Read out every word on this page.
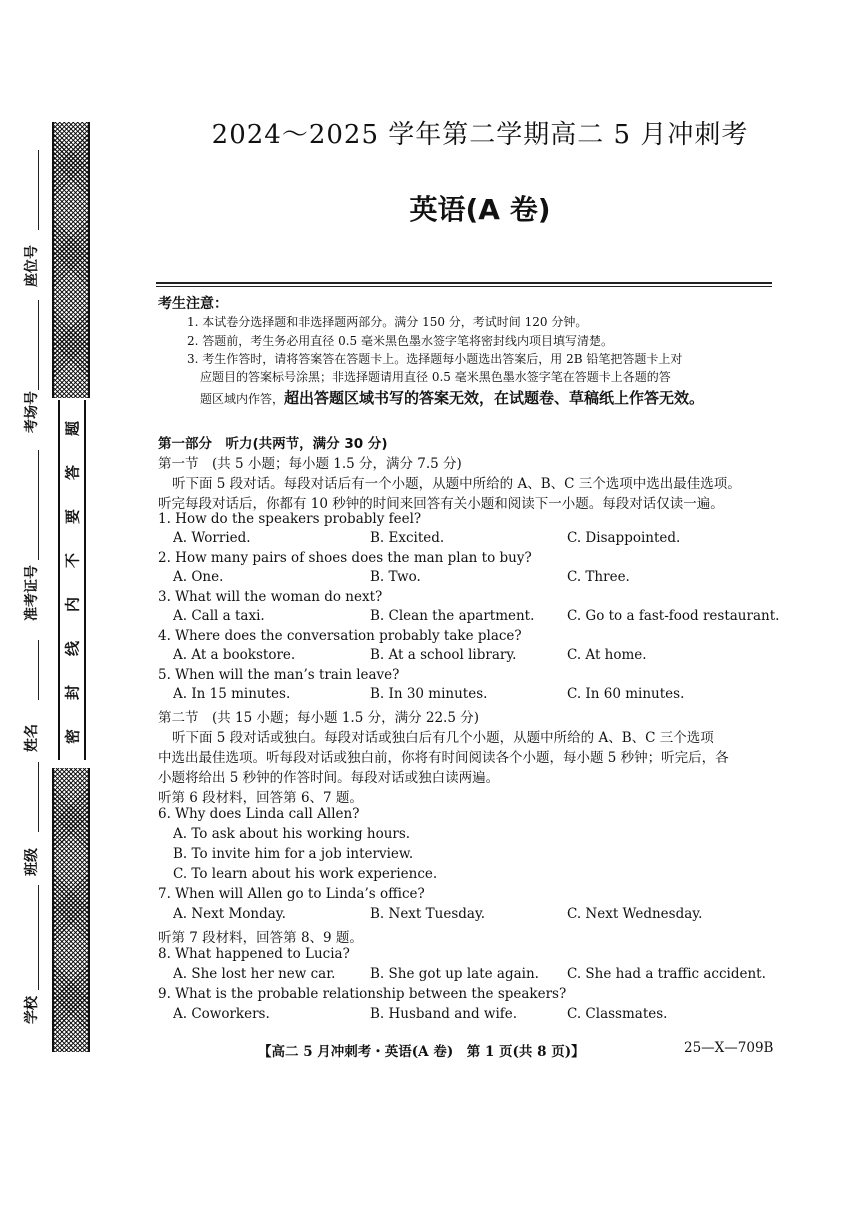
题
答
要
不
内
线
封
密
座位号
考场号
准考证号
姓名
班级
学校
2024～2025 学年第二学期高二 5 月冲刺考
英语(A 卷)
考生注意：
1. 本试卷分选择题和非选择题两部分。满分 150 分，考试时间 120 分钟。
2. 答题前，考生务必用直径 0.5 毫米黑色墨水签字笔将密封线内项目填写清楚。
3. 考生作答时，请将答案答在答题卡上。选择题每小题选出答案后，用 2B 铅笔把答题卡上对
应题目的答案标号涂黑；非选择题请用直径 0.5 毫米黑色墨水签字笔在答题卡上各题的答
题区域内作答，超出答题区域书写的答案无效，在试题卷、草稿纸上作答无效。
第一部分　听力(共两节，满分 30 分)
第一节　(共 5 小题；每小题 1.5 分，满分 7.5 分)
听下面 5 段对话。每段对话后有一个小题，从题中所给的 A、B、C 三个选项中选出最佳选项。
听完每段对话后，你都有 10 秒钟的时间来回答有关小题和阅读下一小题。每段对话仅读一遍。
1. How do the speakers probably feel?
A. Worried.	B. Excited.	C. Disappointed.
2. How many pairs of shoes does the man plan to buy?
A. One.	B. Two.	C. Three.
3. What will the woman do next?
A. Call a taxi.	B. Clean the apartment. C. Go to a fast-food restaurant.
4. Where does the conversation probably take place?
A. At a bookstore.	B. At a school library.	C. At home.
5. When will the man’s train leave?
A. In 15 minutes.	B. In 30 minutes.	C. In 60 minutes.
第二节　(共 15 小题；每小题 1.5 分，满分 22.5 分)
听下面 5 段对话或独白。每段对话或独白后有几个小题，从题中所给的 A、B、C 三个选项
中选出最佳选项。听每段对话或独白前，你将有时间阅读各个小题，每小题 5 秒钟；听完后，各
小题将给出 5 秒钟的作答时间。每段对话或独白读两遍。
听第 6 段材料，回答第 6、7 题。
6. Why does Linda call Allen?
A. To ask about his working hours.
B. To invite him for a job interview.
C. To learn about his work experience.
7. When will Allen go to Linda’s office?
A. Next Monday.	B. Next Tuesday.	C. Next Wednesday.
听第 7 段材料，回答第 8、9 题。
8. What happened to Lucia?
A. She lost her new car.	B. She got up late again. C. She had a traffic accident.
9. What is the probable relationship between the speakers?
A. Coworkers.	B. Husband and wife.	C. Classmates.
【高二 5 月冲刺考・英语(A 卷)　第 1 页(共 8 页)】	25—X—709B
